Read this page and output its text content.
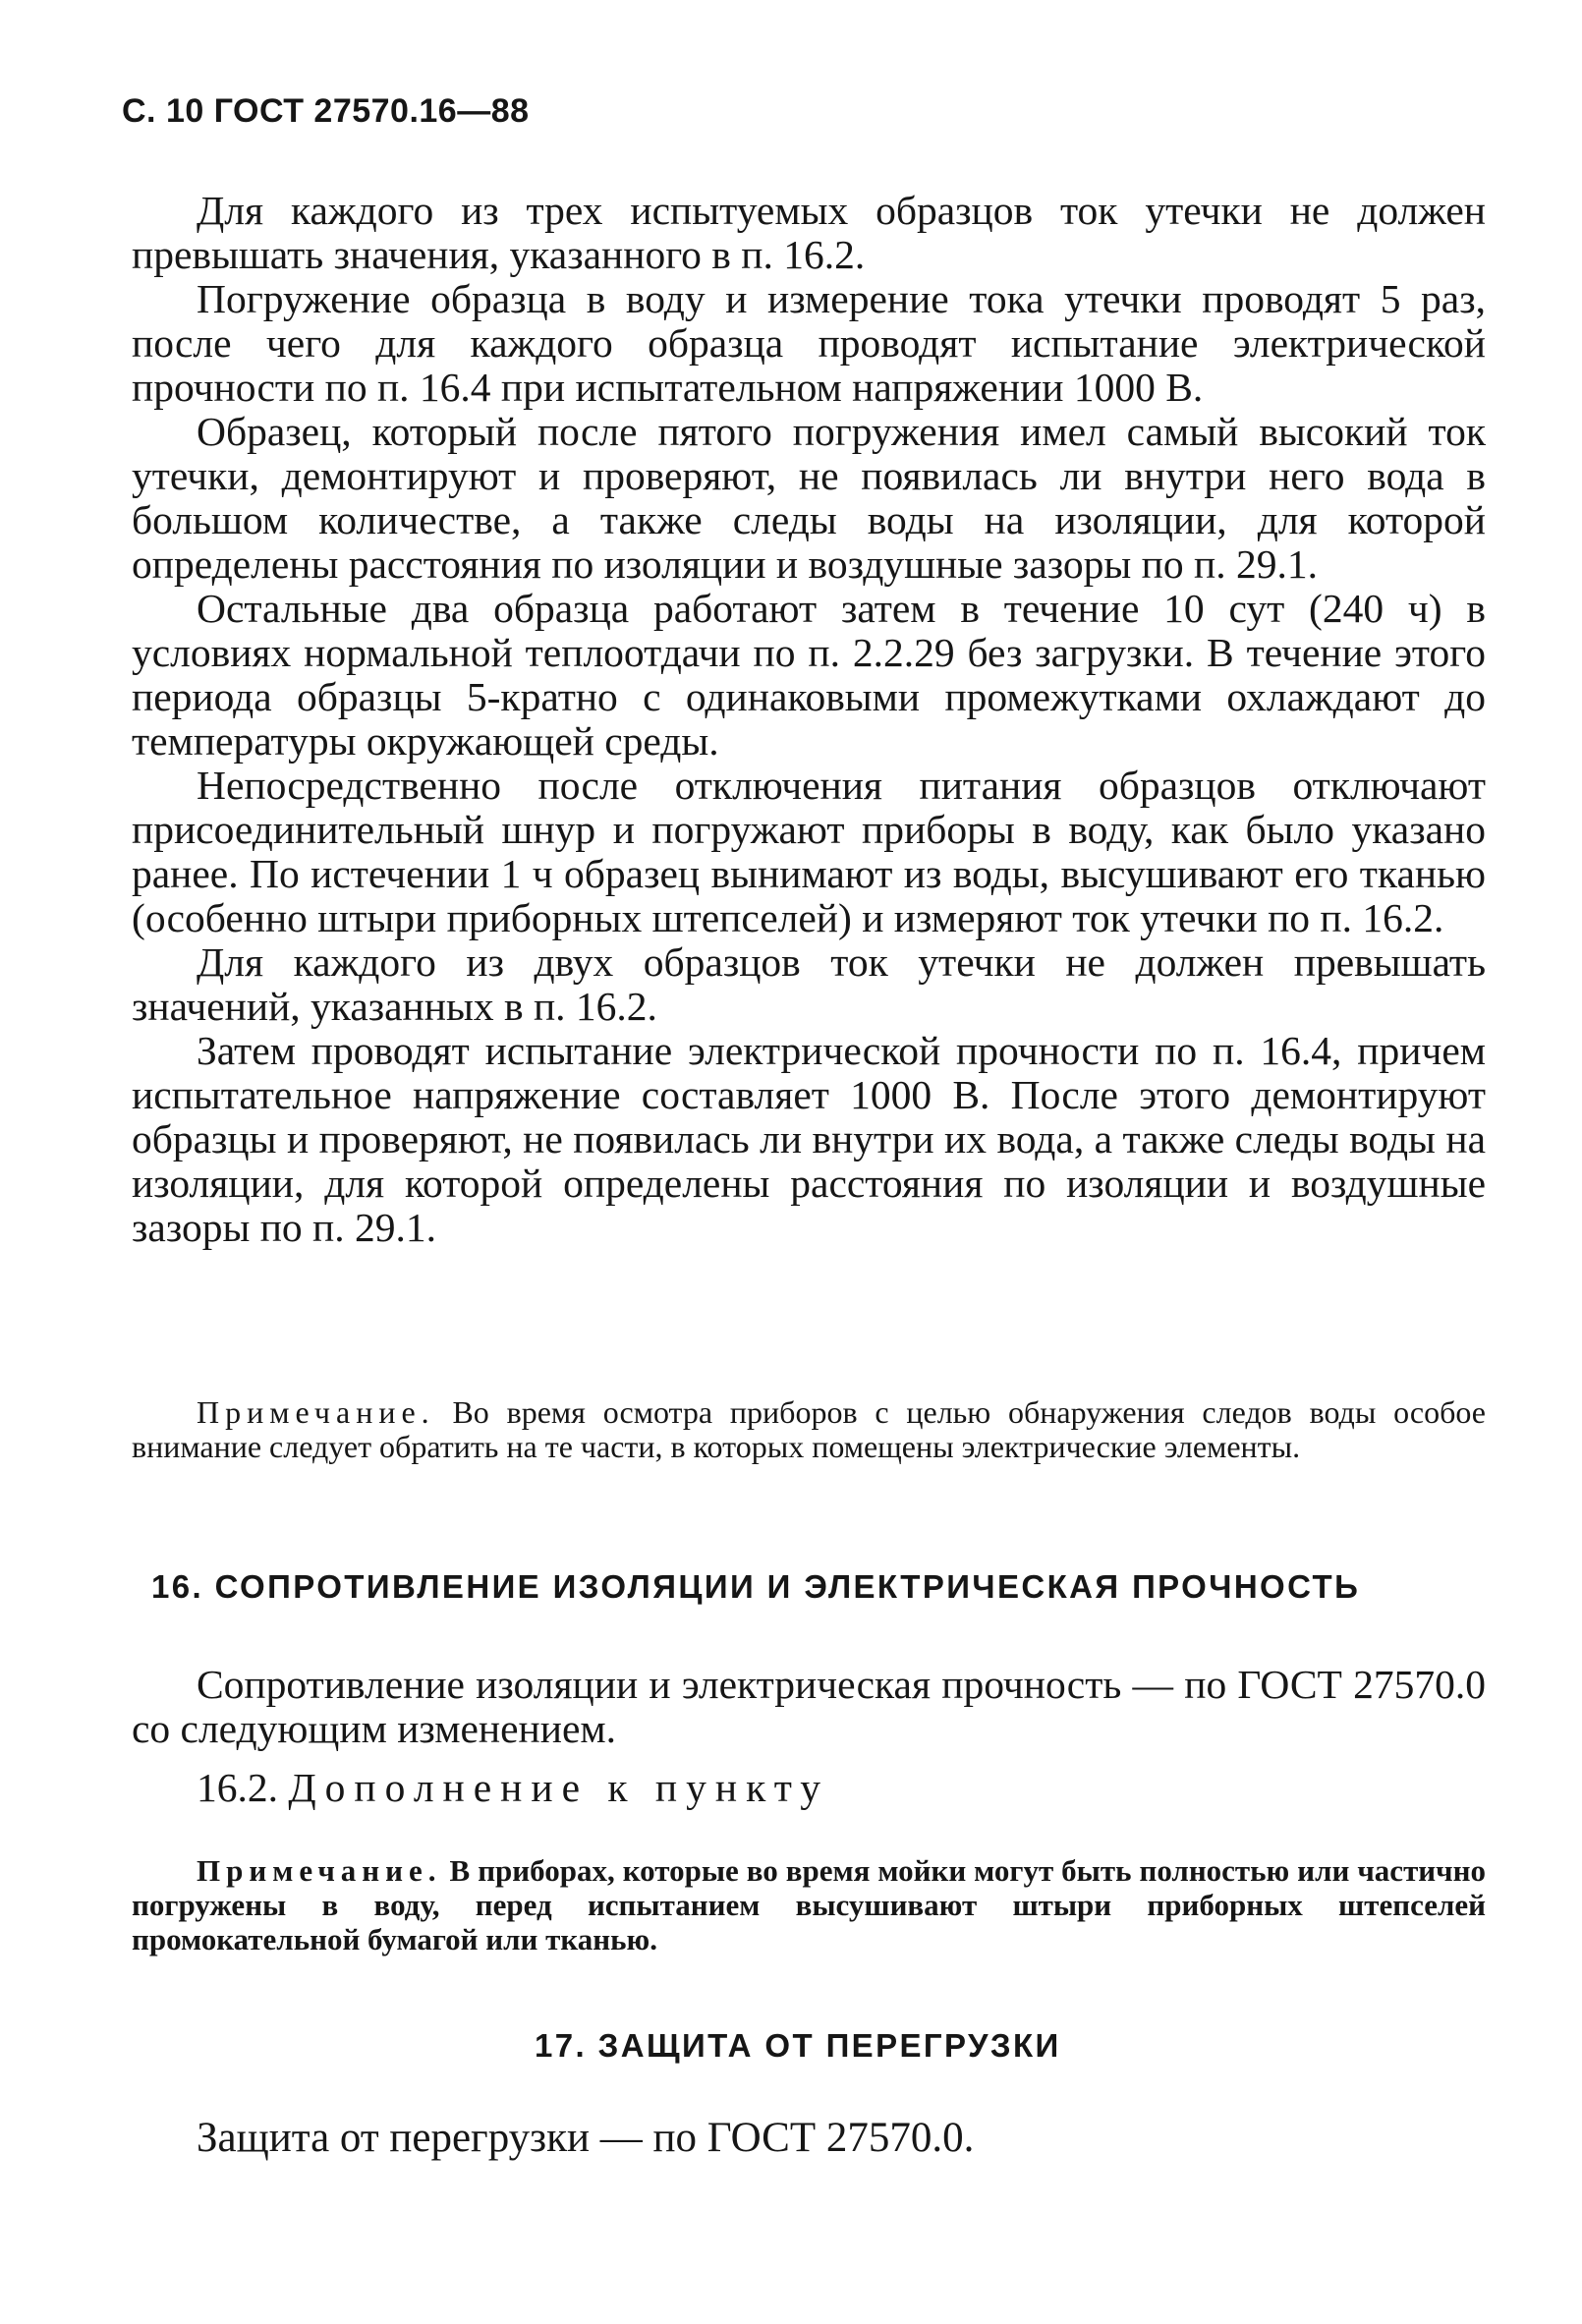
С. 10 ГОСТ 27570.16—88

Для каждого из трех испытуемых образцов ток утечки не должен превышать значения, указанного в п. 16.2.

Погружение образца в воду и измерение тока утечки проводят 5 раз, после чего для каждого образца проводят испытание электрической прочности по п. 16.4 при испытательном напряжении 1000 В.

Образец, который после пятого погружения имел самый высокий ток утечки, демонтируют и проверяют, не появилась ли внутри него вода в большом количестве, а также следы воды на изоляции, для которой определены расстояния по изоляции и воздушные зазоры по п. 29.1.

Остальные два образца работают затем в течение 10 сут (240 ч) в условиях нормальной теплоотдачи по п. 2.2.29 без загрузки. В течение этого периода образцы 5-кратно с одинаковыми промежутками охлаждают до температуры окружающей среды.

Непосредственно после отключения питания образцов отключают присоединительный шнур и погружают приборы в воду, как было указано ранее. По истечении 1 ч образец вынимают из воды, высушивают его тканью (особенно штыри приборных штепселей) и измеряют ток утечки по п. 16.2.

Для каждого из двух образцов ток утечки не должен превышать значений, указанных в п. 16.2.

Затем проводят испытание электрической прочности по п. 16.4, причем испытательное напряжение составляет 1000 В. После этого демонтируют образцы и проверяют, не появилась ли внутри их вода, а также следы воды на изоляции, для которой определены расстояния по изоляции и воздушные зазоры по п. 29.1.

Примечание. Во время осмотра приборов с целью обнаружения следов воды особое внимание следует обратить на те части, в которых помещены электрические элементы.
16. СОПРОТИВЛЕНИЕ ИЗОЛЯЦИИ И ЭЛЕКТРИЧЕСКАЯ ПРОЧНОСТЬ
Сопротивление изоляции и электрическая прочность — по ГОСТ 27570.0 со следующим изменением.
16.2. Дополнение к пункту
Примечание. В приборах, которые во время мойки могут быть полностью или частично погружены в воду, перед испытанием высушивают штыри приборных штепселей промокательной бумагой или тканью.
17. ЗАЩИТА ОТ ПЕРЕГРУЗКИ
Защита от перегрузки — по ГОСТ 27570.0.
